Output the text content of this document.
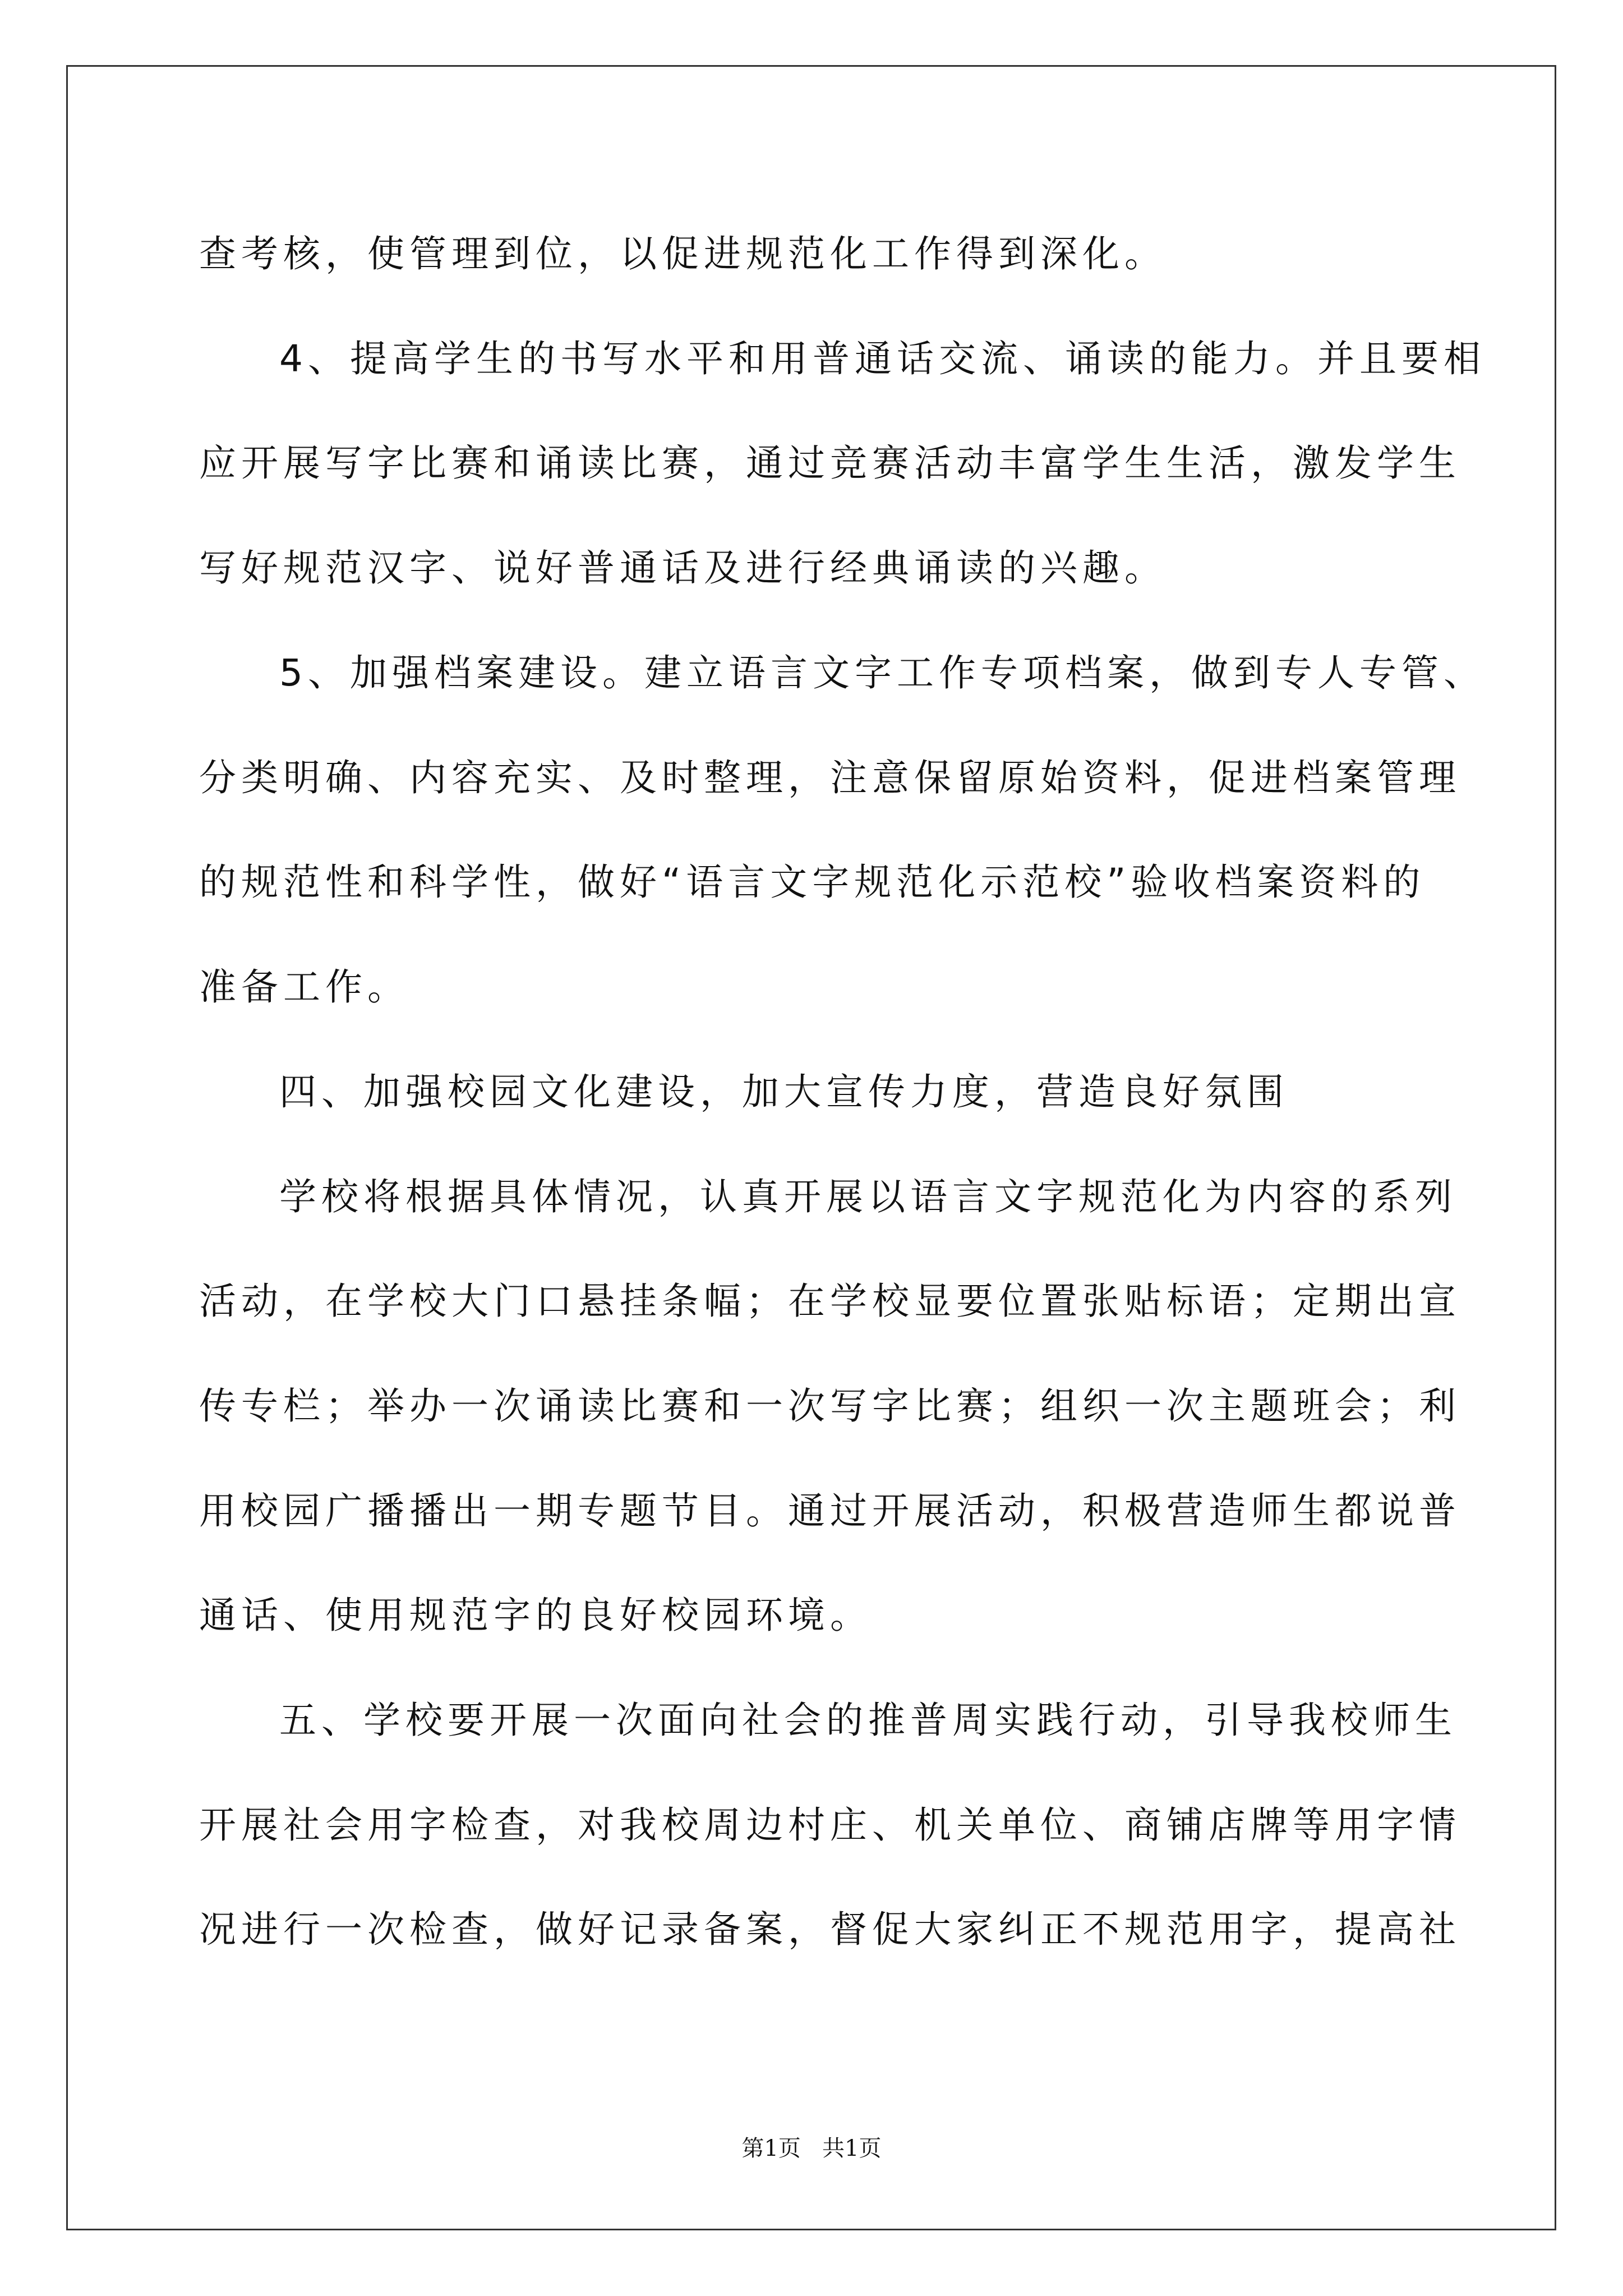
查考核，使管理到位，以促进规范化工作得到深化。
4、提高学生的书写水平和用普通话交流、诵读的能力。并且要相
应开展写字比赛和诵读比赛，通过竞赛活动丰富学生生活，激发学生
写好规范汉字、说好普通话及进行经典诵读的兴趣。
5、加强档案建设。建立语言文字工作专项档案，做到专人专管、
分类明确、内容充实、及时整理，注意保留原始资料，促进档案管理
的规范性和科学性，做好“语言文字规范化示范校”验收档案资料的
准备工作。
四、加强校园文化建设，加大宣传力度，营造良好氛围
学校将根据具体情况，认真开展以语言文字规范化为内容的系列
活动，在学校大门口悬挂条幅；在学校显要位置张贴标语；定期出宣
传专栏；举办一次诵读比赛和一次写字比赛；组织一次主题班会；利
用校园广播播出一期专题节目。通过开展活动，积极营造师生都说普
通话、使用规范字的良好校园环境。
五、学校要开展一次面向社会的推普周实践行动，引导我校师生
开展社会用字检查，对我校周边村庄、机关单位、商铺店牌等用字情
况进行一次检查，做好记录备案，督促大家纠正不规范用字，提高社
第1页   共1页
